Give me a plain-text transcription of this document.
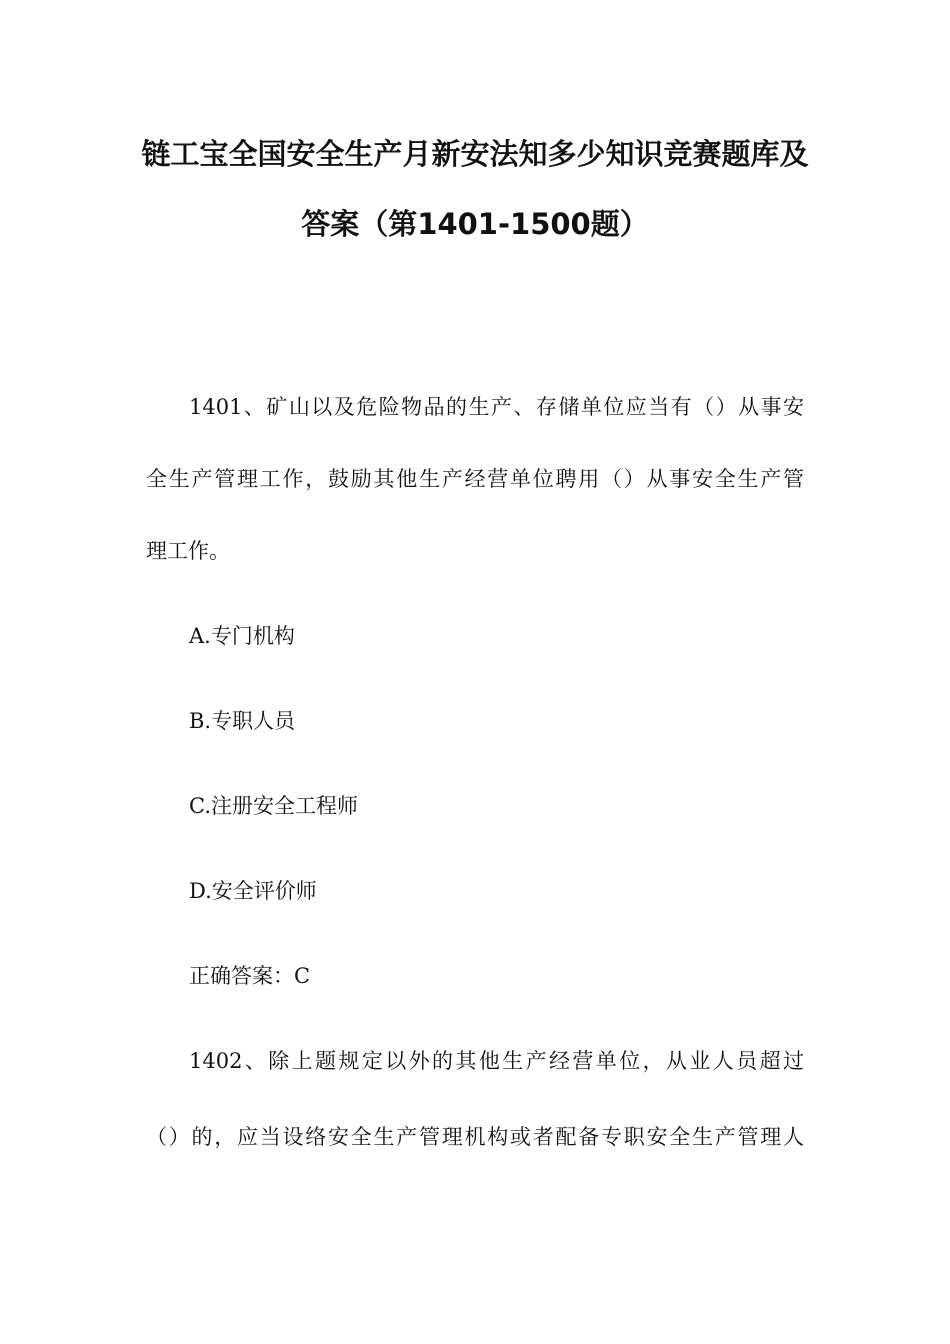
链工宝全国安全生产月新安法知多少知识竞赛题库及
答案（第1401-1500题）
1401、矿山以及危险物品的生产、存储单位应当有（）从事安
全生产管理工作，鼓励其他生产经营单位聘用（）从事安全生产管
理工作。
A.专门机构
B.专职人员
C.注册安全工程师
D.安全评价师
正确答案：C
1402、除上题规定以外的其他生产经营单位，从业人员超过
（）的，应当设络安全生产管理机构或者配备专职安全生产管理人
